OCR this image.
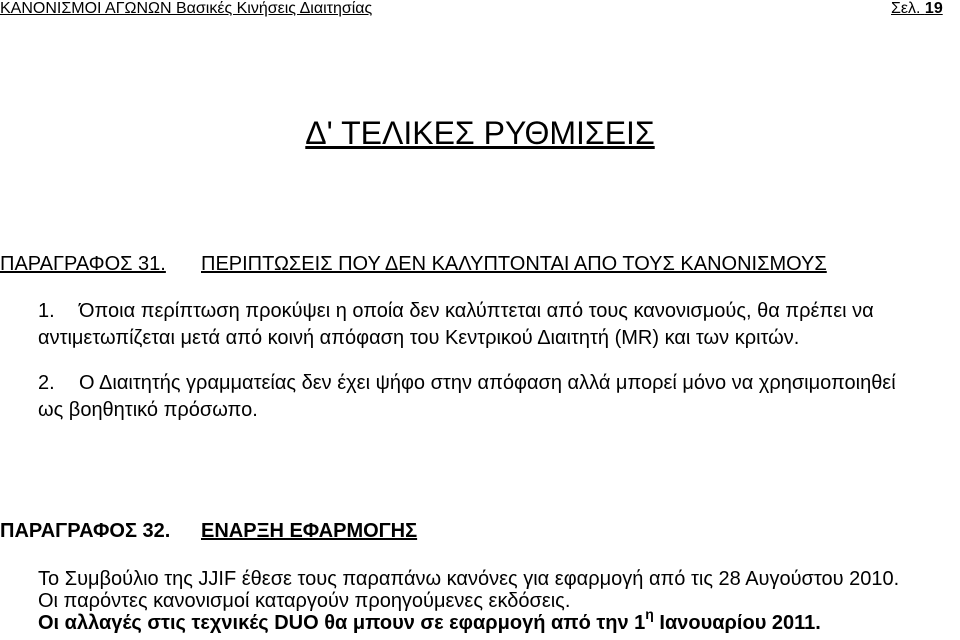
ΚΑΝΟΝΙΣΜΟΙ ΑΓΩΝΩΝ Βασικές Κινήσεις Διαιτησίας	Σελ. 19
Δ' ΤΕΛΙΚΕΣ ΡΥΘΜΙΣΕΙΣ
ΠΑΡΑΓΡΑΦΟΣ 31. ΠΕΡΙΠΤΩΣΕΙΣ ΠΟΥ ΔΕΝ ΚΑΛΥΠΤΟΝΤΑΙ ΑΠΟ ΤΟΥΣ ΚΑΝΟΝΙΣΜΟΥΣ
1. Όποια περίπτωση προκύψει η οποία δεν καλύπτεται από τους κανονισμούς, θα πρέπει να
αντιμετωπίζεται μετά από κοινή απόφαση του Κεντρικού Διαιτητή (MR) και των κριτών.
2. Ο Διαιτητής γραμματείας δεν έχει ψήφο στην απόφαση αλλά μπορεί μόνο να χρησιμοποιηθεί
ως βοηθητικό πρόσωπο.
ΠΑΡΑΓΡΑΦΟΣ 32. ΕΝΑΡΞΗ ΕΦΑΡΜΟΓΗΣ
Το Συμβούλιο της JJIF έθεσε τους παραπάνω κανόνες για εφαρμογή από τις 28 Αυγούστου 2010.
Οι παρόντες κανονισμοί καταργούν προηγούμενες εκδόσεις.
Οι αλλαγές στις τεχνικές DUO θα μπουν σε εφαρμογή από την $1^\eta$ Ιανουαρίου 2011.
